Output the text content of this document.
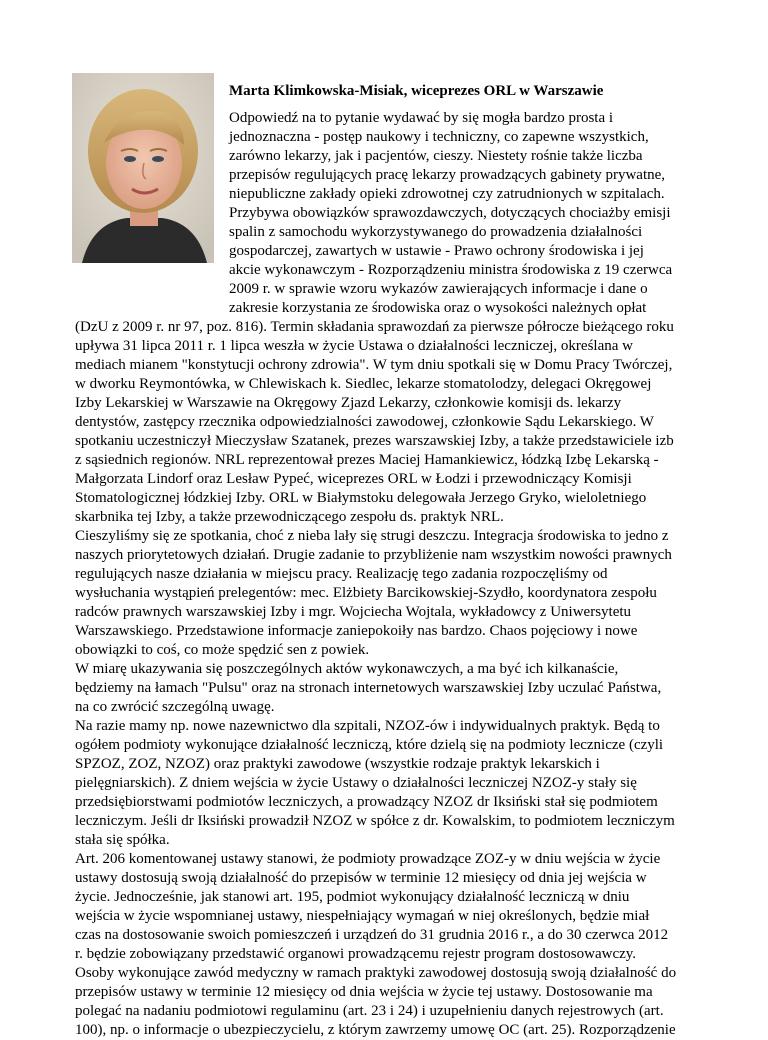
Marta Klimkowska-Misiak, wiceprezes ORL w Warszawie
Odpowiedź na to pytanie wydawać by się mogła bardzo prosta i
jednoznaczna - postęp naukowy i techniczny, co zapewne wszystkich,
zarówno lekarzy, jak i pacjentów, cieszy. Niestety rośnie także liczba
przepisów regulujących pracę lekarzy prowadzących gabinety prywatne,
niepubliczne zakłady opieki zdrowotnej czy zatrudnionych w szpitalach.
Przybywa obowiązków sprawozdawczych, dotyczących chociażby emisji
spalin z samochodu wykorzystywanego do prowadzenia działalności
gospodarczej, zawartych w ustawie - Prawo ochrony środowiska i jej
akcie wykonawczym - Rozporządzeniu ministra środowiska z 19 czerwca
2009 r. w sprawie wzoru wykazów zawierających informacje i dane o
zakresie korzystania ze środowiska oraz o wysokości należnych opłat
(DzU z 2009 r. nr 97, poz. 816). Termin składania sprawozdań za pierwsze półrocze bieżącego roku
upływa 31 lipca 2011 r. 1 lipca weszła w życie Ustawa o działalności leczniczej, określana w
mediach mianem "konstytucji ochrony zdrowia". W tym dniu spotkali się w Domu Pracy Twórczej,
w dworku Reymontówka, w Chlewiskach k. Siedlec, lekarze stomatolodzy, delegaci Okręgowej
Izby Lekarskiej w Warszawie na Okręgowy Zjazd Lekarzy, członkowie komisji ds. lekarzy
dentystów, zastępcy rzecznika odpowiedzialności zawodowej, członkowie Sądu Lekarskiego. W
spotkaniu uczestniczył Mieczysław Szatanek, prezes warszawskiej Izby, a także przedstawiciele izb
z sąsiednich regionów. NRL reprezentował prezes Maciej Hamankiewicz, łódzką Izbę Lekarską -
Małgorzata Lindorf oraz Lesław Pypeć, wiceprezes ORL w Łodzi i przewodniczący Komisji
Stomatologicznej łódzkiej Izby. ORL w Białymstoku delegowała Jerzego Gryko, wieloletniego
skarbnika tej Izby, a także przewodniczącego zespołu ds. praktyk NRL.
Cieszyliśmy się ze spotkania, choć z nieba lały się strugi deszczu. Integracja środowiska to jedno z
naszych priorytetowych działań. Drugie zadanie to przybliżenie nam wszystkim nowości prawnych
regulujących nasze działania w miejscu pracy. Realizację tego zadania rozpoczęliśmy od
wysłuchania wystąpień prelegentów: mec. Elżbiety Barcikowskiej-Szydło, koordynatora zespołu
radców prawnych warszawskiej Izby i mgr. Wojciecha Wojtala, wykładowcy z Uniwersytetu
Warszawskiego. Przedstawione informacje zaniepokoiły nas bardzo. Chaos pojęciowy i nowe
obowiązki to coś, co może spędzić sen z powiek.
W miarę ukazywania się poszczególnych aktów wykonawczych, a ma być ich kilkanaście,
będziemy na łamach "Pulsu" oraz na stronach internetowych warszawskiej Izby uczulać Państwa,
na co zwrócić szczególną uwagę.
Na razie mamy np. nowe nazewnictwo dla szpitali, NZOZ-ów i indywidualnych praktyk. Będą to
ogółem podmioty wykonujące działalność leczniczą, które dzielą się na podmioty lecznicze (czyli
SPZOZ, ZOZ, NZOZ) oraz praktyki zawodowe (wszystkie rodzaje praktyk lekarskich i
pielęgniarskich). Z dniem wejścia w życie Ustawy o działalności leczniczej NZOZ-y stały się
przedsiębiorstwami podmiotów leczniczych, a prowadzący NZOZ dr Iksiński stał się podmiotem
leczniczym. Jeśli dr Iksiński prowadził NZOZ w spółce z dr. Kowalskim, to podmiotem leczniczym
stała się spółka.
Art. 206 komentowanej ustawy stanowi, że podmioty prowadzące ZOZ-y w dniu wejścia w życie
ustawy dostosują swoją działalność do przepisów w terminie 12 miesięcy od dnia jej wejścia w
życie. Jednocześnie, jak stanowi art. 195, podmiot wykonujący działalność leczniczą w dniu
wejścia w życie wspomnianej ustawy, niespełniający wymagań w niej określonych, będzie miał
czas na dostosowanie swoich pomieszczeń i urządzeń do 31 grudnia 2016 r., a do 30 czerwca 2012
r. będzie zobowiązany przedstawić organowi prowadzącemu rejestr program dostosowawczy.
Osoby wykonujące zawód medyczny w ramach praktyki zawodowej dostosują swoją działalność do
przepisów ustawy w terminie 12 miesięcy od dnia wejścia w życie tej ustawy. Dostosowanie ma
polegać na nadaniu podmiotowi regulaminu (art. 23 i 24) i uzupełnieniu danych rejestrowych (art.
100), np. o informacje o ubezpieczycielu, z którym zawrzemy umowę OC (art. 25). Rozporządzenie
